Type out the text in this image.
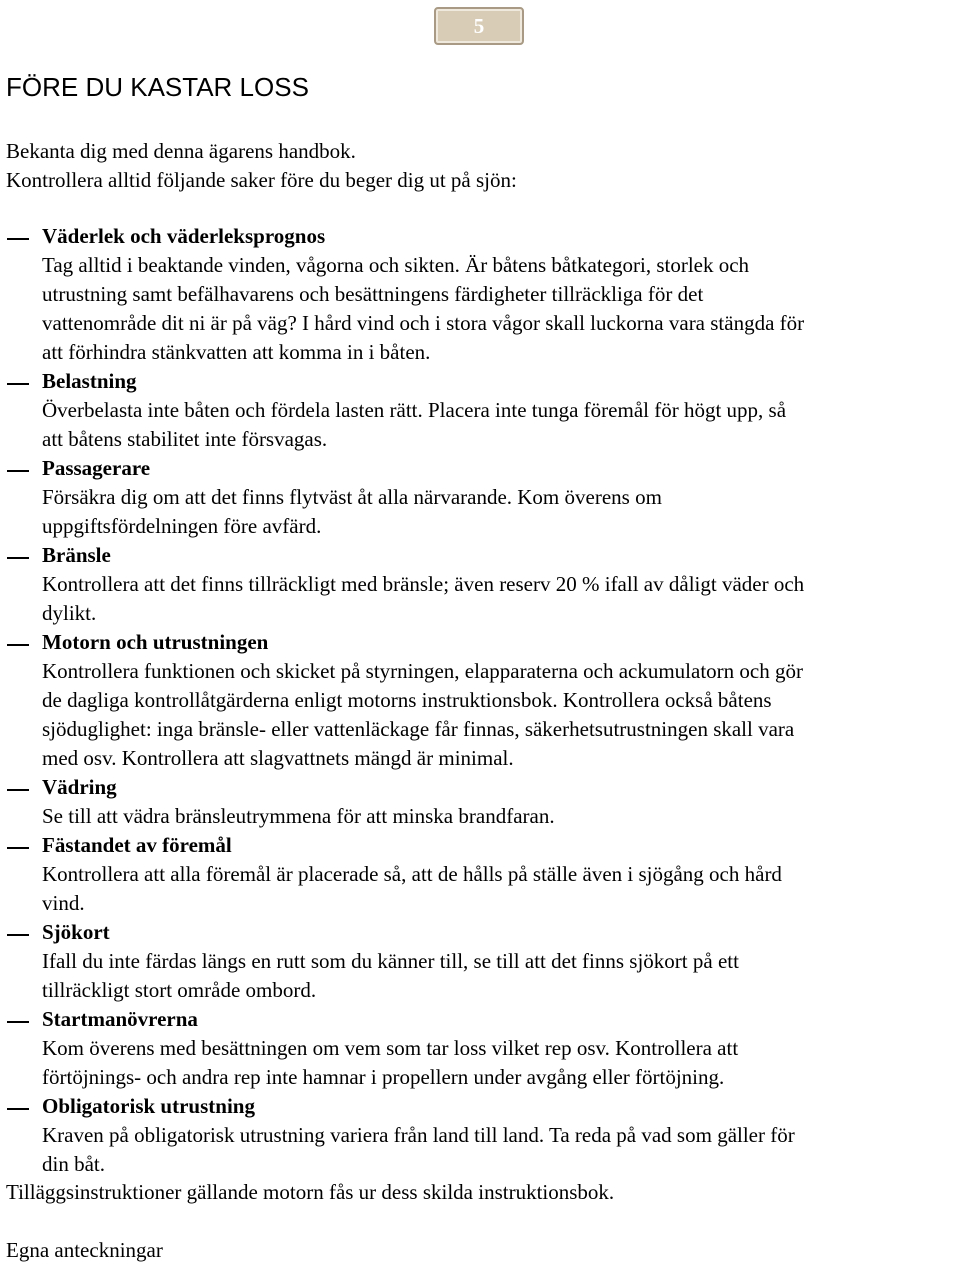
5
FÖRE DU KASTAR LOSS
Bekanta dig med denna ägarens handbok.
Kontrollera alltid följande saker före du beger dig ut på sjön:
Väderlek och väderleksprognos
Tag alltid i beaktande vinden, vågorna och sikten. Är båtens båtkategori, storlek och
utrustning samt befälhavarens och besättningens färdigheter tillräckliga för det
vattenområde dit ni är på väg? I hård vind och i stora vågor skall luckorna vara stängda för
att förhindra stänkvatten att komma in i båten.
Belastning
Överbelasta inte båten och fördela lasten rätt. Placera inte tunga föremål för högt upp, så
att båtens stabilitet inte försvagas.
Passagerare
Försäkra dig om att det finns flytväst åt alla närvarande. Kom överens om
uppgiftsfördelningen före avfärd.
Bränsle
Kontrollera att det finns tillräckligt med bränsle; även reserv 20 % ifall av dåligt väder och
dylikt.
Motorn och utrustningen
Kontrollera funktionen och skicket på styrningen, elapparaterna och ackumulatorn och gör
de dagliga kontrollåtgärderna enligt motorns instruktionsbok. Kontrollera också båtens
sjöduglighet: inga bränsle- eller vattenläckage får finnas, säkerhetsutrustningen skall vara
med osv. Kontrollera att slagvattnets mängd är minimal.
Vädring
Se till att vädra bränsleutrymmena för att minska brandfaran.
Fästandet av föremål
Kontrollera att alla föremål är placerade så, att de hålls på ställe även i sjögång och hård
vind.
Sjökort
Ifall du inte färdas längs en rutt som du känner till, se till att det finns sjökort på ett
tillräckligt stort område ombord.
Startmanövrerna
Kom överens med besättningen om vem som tar loss vilket rep osv. Kontrollera att
förtöjnings- och andra rep inte hamnar i propellern under avgång eller förtöjning.
Obligatorisk utrustning
Kraven på obligatorisk utrustning variera från land till land. Ta reda på vad som gäller för
din båt.
Tilläggsinstruktioner gällande motorn fås ur dess skilda instruktionsbok.
Egna anteckningar
